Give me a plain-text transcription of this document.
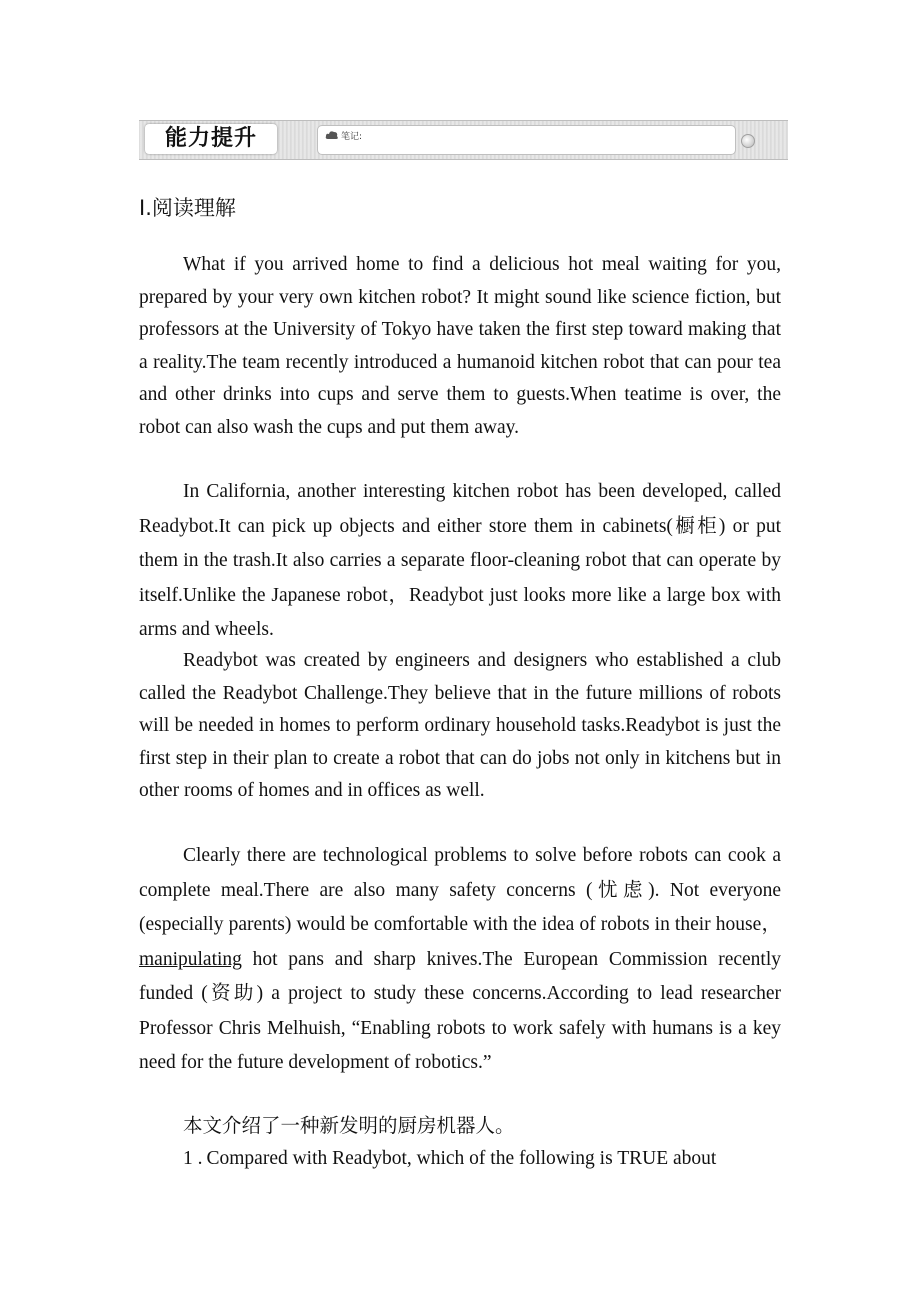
能力提升	笔记:
Ⅰ.阅读理解

What if you arrived home to find a delicious hot meal waiting for you, prepared by your very own kitchen robot? It might sound like science fiction, but professors at the University of Tokyo have taken the first step toward making that a reality.The team recently introduced a humanoid kitchen robot that can pour tea and other drinks into cups and serve them to guests.When teatime is over, the robot can also wash the cups and put them away.

In California, another interesting kitchen robot has been developed, called Readybot.It can pick up objects and either store them in cabinets(橱柜) or put them in the trash.It also carries a separate floor-cleaning robot that can operate by itself.Unlike the Japanese robot，Readybot just looks more like a large box with arms and wheels.

Readybot was created by engineers and designers who established a club called the Readybot Challenge.They believe that in the future millions of robots will be needed in homes to perform ordinary household tasks.Readybot is just the first step in their plan to create a robot that can do jobs not only in kitchens but in other rooms of homes and in offices as well.

Clearly there are technological problems to solve before robots can cook a complete meal.There are also many safety concerns (忧虑). Not everyone (especially parents) would be comfortable with the idea of robots in their house， manipulating hot pans and sharp knives.The European Commission recently funded (资助) a project to study these concerns.According to lead researcher Professor Chris Melhuish, “Enabling robots to work safely with humans is a key need for the future development of robotics.”

本文介绍了一种新发明的厨房机器人。
1 . Compared with Readybot, which of the following is TRUE about
